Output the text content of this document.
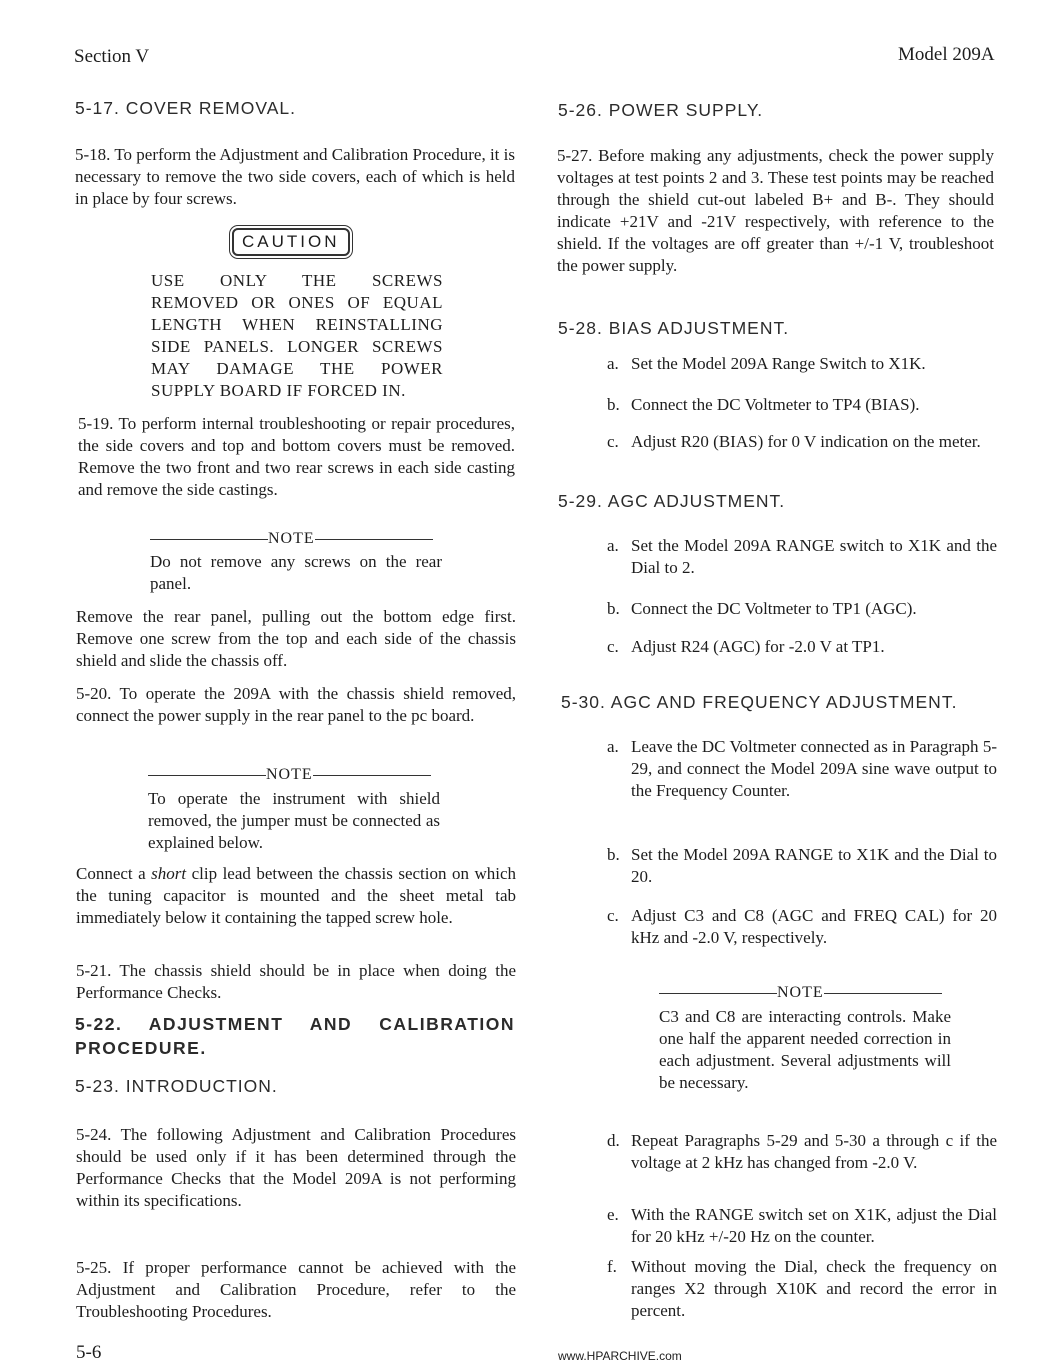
Section V	Model 209A
5-17. COVER REMOVAL.

5-18. To perform the Adjustment and Calibration Procedure, it is necessary to remove the two side covers, each of which is held in place by four screws.

CAUTION
USE ONLY THE SCREWS REMOVED OR ONES OF EQUAL LENGTH WHEN REINSTALLING SIDE PANELS. LONGER SCREWS MAY DAMAGE THE POWER SUPPLY BOARD IF FORCED IN.

5-19. To perform internal troubleshooting or repair procedures, the side covers and top and bottom covers must be removed. Remove the two front and two rear screws in each side casting and remove the side castings.

NOTE
Do not remove any screws on the rear panel.

Remove the rear panel, pulling out the bottom edge first. Remove one screw from the top and each side of the chassis shield and slide the chassis off.

5-20. To operate the 209A with the chassis shield removed, connect the power supply in the rear panel to the pc board.

NOTE
To operate the instrument with shield removed, the jumper must be connected as explained below.

Connect a short clip lead between the chassis section on which the tuning capacitor is mounted and the sheet metal tab immediately below it containing the tapped screw hole.

5-21. The chassis shield should be in place when doing the Performance Checks.

5-22. ADJUSTMENT AND CALIBRATION PROCEDURE.
5-23. INTRODUCTION.

5-24. The following Adjustment and Calibration Procedures should be used only if it has been determined through the Performance Checks that the Model 209A is not performing within its specifications.

5-25. If proper performance cannot be achieved with the Adjustment and Calibration Procedure, refer to the Troubleshooting Procedures.

5-26. POWER SUPPLY.

5-27. Before making any adjustments, check the power supply voltages at test points 2 and 3. These test points may be reached through the shield cut-out labeled B+ and B-. They should indicate +21V and -21V respectively, with reference to the shield. If the voltages are off greater than +/-1 V, troubleshoot the power supply.

5-28. BIAS ADJUSTMENT.
a. Set the Model 209A Range Switch to X1K.
b. Connect the DC Voltmeter to TP4 (BIAS).
c. Adjust R20 (BIAS) for 0 V indication on the meter.
5-29. AGC ADJUSTMENT.
a. Set the Model 209A RANGE switch to X1K and the Dial to 2.
b. Connect the DC Voltmeter to TP1 (AGC).
c. Adjust R24 (AGC) for -2.0 V at TP1.
5-30. AGC AND FREQUENCY ADJUSTMENT.
a. Leave the DC Voltmeter connected as in Paragraph 5-29, and connect the Model 209A sine wave output to the Frequency Counter.
b. Set the Model 209A RANGE to X1K and the Dial to 20.
c. Adjust C3 and C8 (AGC and FREQ CAL) for 20 kHz and -2.0 V, respectively.
NOTE
C3 and C8 are interacting controls. Make one half the apparent needed correction in each adjustment. Several adjustments will be necessary.
d. Repeat Paragraphs 5-29 and 5-30 a through c if the voltage at 2 kHz has changed from -2.0 V.
e. With the RANGE switch set on X1K, adjust the Dial for 20 kHz +/-20 Hz on the counter.
f. Without moving the Dial, check the frequency on ranges X2 through X10K and record the error in percent.
5-6	www.HPARCHIVE.com
